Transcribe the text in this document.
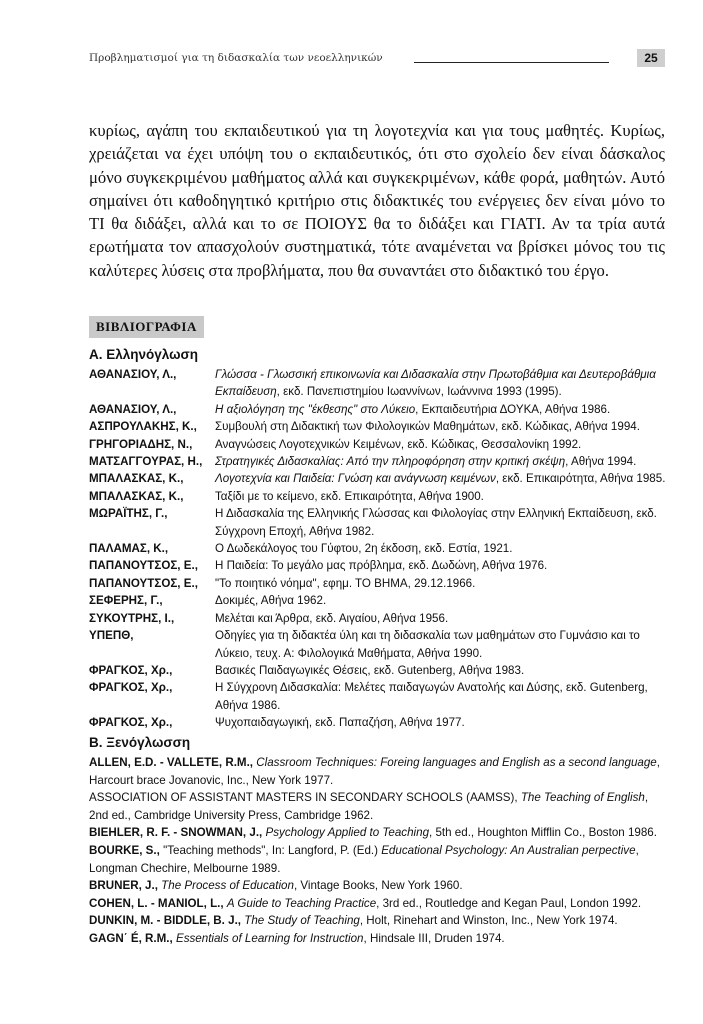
Προβληματισμοί για τη διδασκαλία των νεοελληνικών	25

κυρίως, αγάπη του εκπαιδευτικού για τη λογοτεχνία και για τους μαθητές. Κυρίως, χρειάζεται να έχει υπόψη του ο εκπαιδευτικός, ότι στο σχολείο δεν είναι δάσκαλος μόνο συγκεκριμένου μαθήματος αλλά και συγκεκριμένων, κάθε φορά, μαθητών. Αυτό σημαίνει ότι καθοδηγητικό κριτήριο στις διδακτικές του ενέργειες δεν είναι μόνο το ΤΙ θα διδάξει, αλλά και το σε ΠΟΙΟΥΣ θα το διδάξει και ΓΙΑΤΙ. Αν τα τρία αυτά ερωτήματα τον απασχολούν συστηματικά, τότε αναμένεται να βρίσκει μόνος του τις καλύτερες λύσεις στα προβλήματα, που θα συναντάει στο διδακτικό του έργο.

ΒΙΒΛΙΟΓΡΑΦΙΑ

Α. Ελληνόγλωση

ΑΘΑΝΑΣΙΟΥ, Λ.,	Γλώσσα - Γλωσσική επικοινωνία και Διδασκαλία στην Πρωτοβάθμια και Δευτεροβάθμια Εκπαίδευση, εκδ. Πανεπιστημίου Ιωαννίνων, Ιωάννινα 1993 (1995).
ΑΘΑΝΑΣΙΟΥ, Λ.,	Η αξιολόγηση της "έκθεσης" στο Λύκειο, Εκπαιδευτήρια ΔΟΥΚΑ, Αθήνα 1986.
ΑΣΠΡΟΥΛΑΚΗΣ, Κ.,	Συμβουλή στη Διδακτική των Φιλολογικών Μαθημάτων, εκδ. Κώδικας, Αθήνα 1994.
ΓΡΗΓΟΡΙΑΔΗΣ, Ν.,	Αναγνώσεις Λογοτεχνικών Κειμένων, εκδ. Κώδικας, Θεσσαλονίκη 1992.
ΜΑΤΣΑΓΓΟΥΡΑΣ, Η.,	Στρατηγικές Διδασκαλίας: Από την πληροφόρηση στην κριτική σκέψη, Αθήνα 1994.
ΜΠΑΛΑΣΚΑΣ, Κ.,	Λογοτεχνία και Παιδεία: Γνώση και ανάγνωση κειμένων, εκδ. Επικαιρότητα, Αθήνα 1985.
ΜΠΑΛΑΣΚΑΣ, Κ.,	Ταξίδι με το κείμενο, εκδ. Επικαιρότητα, Αθήνα 1900.
ΜΩΡΑΪΤΗΣ, Γ.,	Η Διδασκαλία της Ελληνικής Γλώσσας και Φιλολογίας στην Ελληνική Εκπαίδευση, εκδ. Σύγχρονη Εποχή, Αθήνα 1982.
ΠΑΛΑΜΑΣ, Κ.,	Ο Δωδεκάλογος του Γύφτου, 2η έκδοση, εκδ. Εστία, 1921.
ΠΑΠΑΝΟΥΤΣΟΣ, Ε.,	Η Παιδεία: Το μεγάλο μας πρόβλημα, εκδ. Δωδώνη, Αθήνα 1976.
ΠΑΠΑΝΟΥΤΣΟΣ, Ε.,	"Το ποιητικό νόημα", εφημ. ΤΟ ΒΗΜΑ, 29.12.1966.
ΣΕΦΕΡΗΣ, Γ.,	Δοκιμές, Αθήνα 1962.
ΣΥΚΟΥΤΡΗΣ, Ι.,	Μελέται και Άρθρα, εκδ. Αιγαίου, Αθήνα 1956.
ΥΠΕΠΘ,	Οδηγίες για τη διδακτέα ύλη και τη διδασκαλία των μαθημάτων στο Γυμνάσιο και το Λύκειο, τευχ. Α: Φιλολογικά Μαθήματα, Αθήνα 1990.
ΦΡΑΓΚΟΣ, Χρ.,	Βασικές Παιδαγωγικές Θέσεις, εκδ. Gutenberg, Αθήνα 1983.
ΦΡΑΓΚΟΣ, Χρ.,	Η Σύγχρονη Διδασκαλία: Μελέτες παιδαγωγών Ανατολής και Δύσης, εκδ. Gutenberg, Αθήνα 1986.
ΦΡΑΓΚΟΣ, Χρ.,	Ψυχοπαιδαγωγική, εκδ. Παπαζήση, Αθήνα 1977.

Β. Ξενόγλωσση

ALLEN, E.D. - VALLETE, R.M., Classroom Techniques: Foreing languages and English as a second language, Harcourt brace Jovanovic, Inc., New York 1977.

ASSOCIATION OF ASSISTANT MASTERS IN SECONDARY SCHOOLS (AAMSS), The Teaching of English, 2nd ed., Cambridge University Press, Cambridge 1962.

BIEHLER, R. F. - SNOWMAN, J., Psychology Applied to Teaching, 5th ed., Houghton Mifflin Co., Boston 1986.

BOURKE, S., "Teaching methods", In: Langford, P. (Ed.) Educational Psychology: An Australian perpective, Longman Chechire, Melbourne 1989.

BRUNER, J., The Process of Education, Vintage Books, New York 1960.

COHEN, L. - MANIOL, L., A Guide to Teaching Practice, 3rd ed., Routledge and Kegan Paul, London 1992.

DUNKIN, M. - BIDDLE, B. J., The Study of Teaching, Holt, Rinehart and Winston, Inc., New York 1974.

GAGN΄ É, R.M., Essentials of Learning for Instruction, Hindsale III, Druden 1974.
